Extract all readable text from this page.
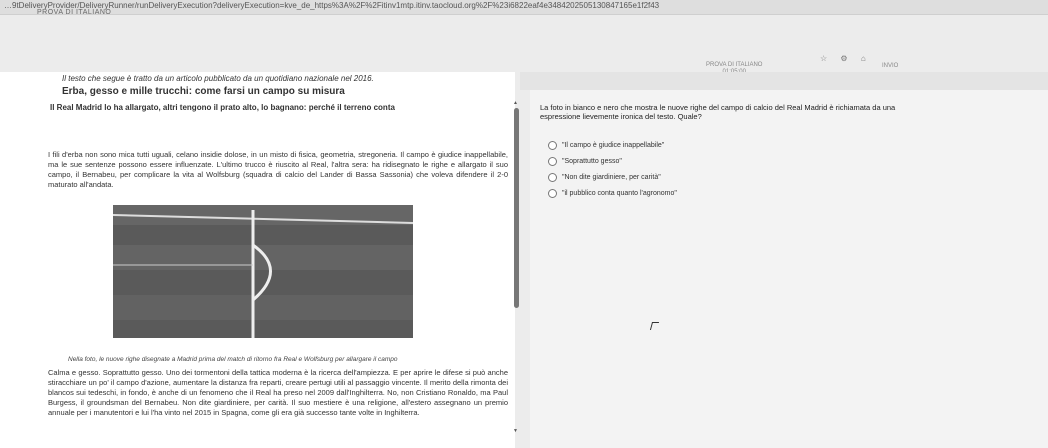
…9tDeliveryProvider/DeliveryRunner/runDeliveryExecution?deliveryExecution=kve_de_https%3A%2F%2Fitinv1mtp.itinv.taocloud.org%2F%23i6822eaf4e3484202505130847165e1f2f43
PROVA DI ITALIANO
PROVA DI ITALIANO
☆ ⚙ ⌂
INVIO
Il testo che segue è tratto da un articolo pubblicato da un quotidiano nazionale nel 2016.
Erba, gesso e mille trucchi: come farsi un campo su misura
Il Real Madrid lo ha allargato, altri tengono il prato alto, lo bagnano: perché il terreno conta
I fili d'erba non sono mica tutti uguali, celano insidie dolose, in un misto di fisica, geometria, stregoneria. Il campo è giudice inappellabile, ma le sue sentenze possono essere influenzate. L'ultimo trucco è riuscito al Real, l'altra sera: ha ridisegnato le righe e allargato il suo campo, il Bernabeu, per complicare la vita al Wolfsburg (squadra di calcio del Lander di Bassa Sassonia) che voleva difendere il 2-0 maturato all'andata.
Nella foto, le nuove righe disegnate a Madrid prima del match di ritorno fra Real e Wolfsburg per allargare il campo
Calma e gesso. Soprattutto gesso. Uno dei tormentoni della tattica moderna è la ricerca dell'ampiezza. E per aprire le difese si può anche stiracchiare un po' il campo d'azione, aumentare la distanza fra reparti, creare pertugi utili al passaggio vincente. Il merito della rimonta dei blancos sui tedeschi, in fondo, è anche di un fenomeno che il Real ha preso nel 2009 dall'Inghilterra. No, non Cristiano Ronaldo, ma Paul Burgess, il groundsman del Bernabeu. Non dite giardiniere, per carità. Il suo mestiere è una religione, all'estero assegnano un premio annuale per i manutentori e lui l'ha vinto nel 2015 in Spagna, come gli era già successo tante volte in Inghilterra.
▲
▼
La foto in bianco e nero che mostra le nuove righe del campo di calcio del Real Madrid è richiamata da una espressione lievemente ironica del testo. Quale?
"Il campo è giudice inappellabile"
"Soprattutto gesso"
"Non dite giardiniere, per carità"
"il pubblico conta quanto l'agronomo"
